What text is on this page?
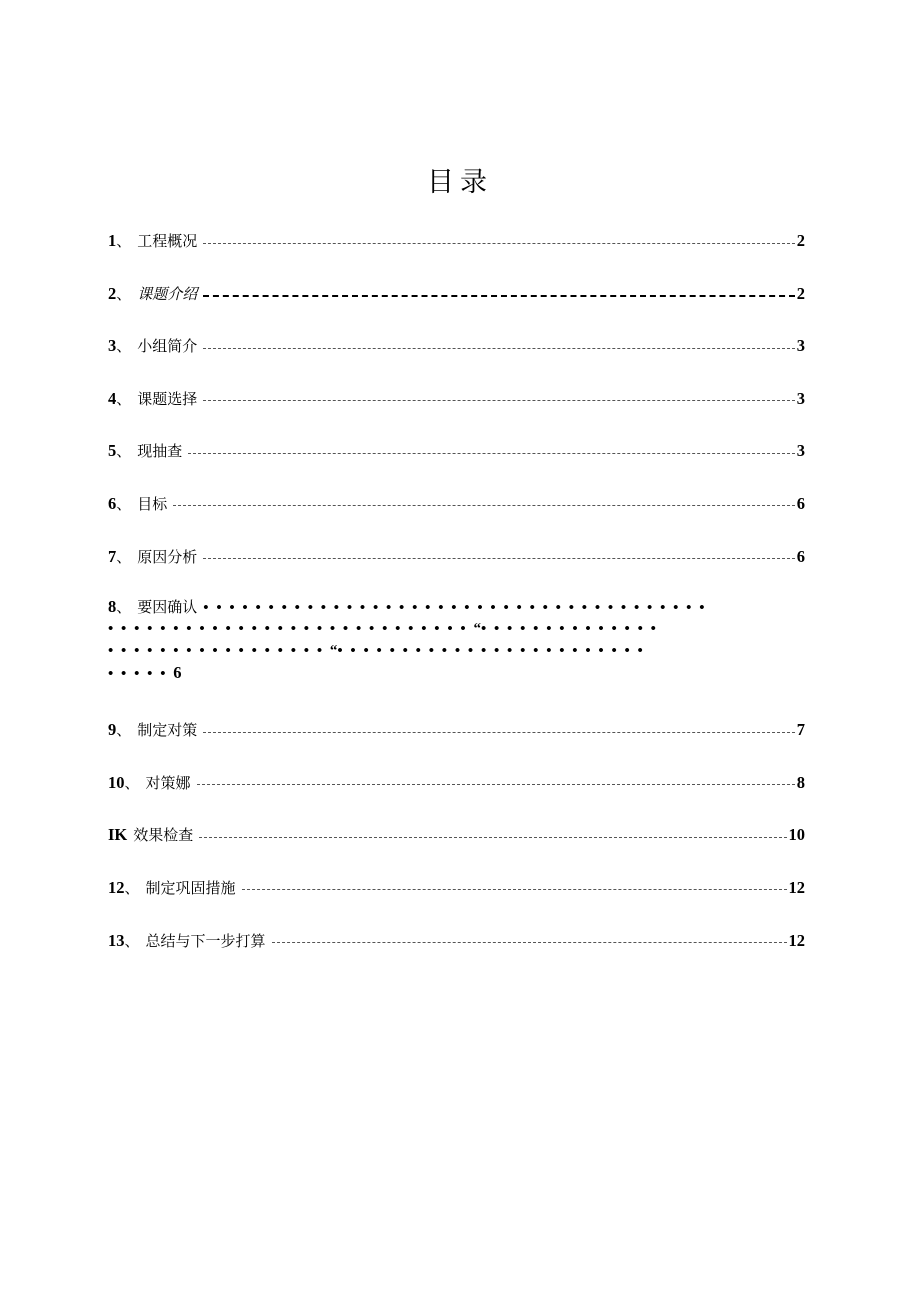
目录
1 、 工程概况	2
2 、 课题介绍	2
3 、 小组简介	3
4 、 课题选择	3
5 、 现抽查	3
6 、 目标	6
7 、 原因分析	6
8、 要因确认 •••••••••••••••••••••••••••••••••••••••
••••••••••••••••••••••••••••“••••••••••••••
•••••••••••••••••“••••••••••••••••••••••••
•••••6
9 、 制定对策	7
10 、 对策娜	8
IK 效果检查	10
12 、 制定巩固措施	12
13 、 总结与下一步打算	12
